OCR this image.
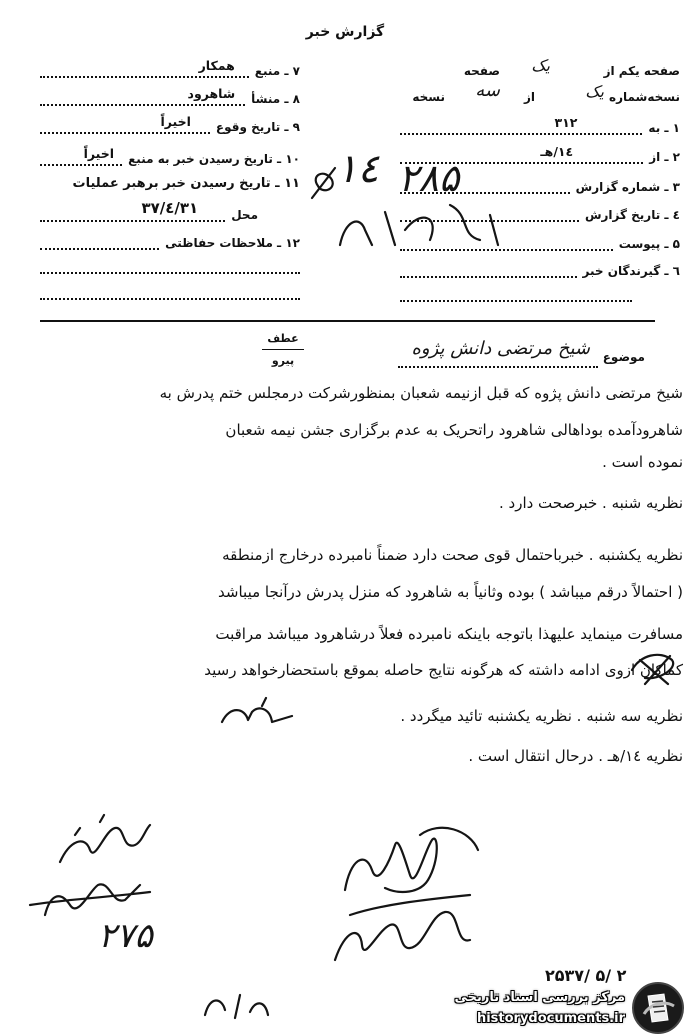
گزارش خبر
صفحه یکم از
یک
صفحه
نسخه‌شماره
یک
از
سه
نسخه
۱ ـ به
۳۱۲
۲ ـ از
۱٤/هـ
۳ ـ شماره گزارش
٤ ـ تاریخ گزارش
۵ ـ پیوست
٦ ـ گیرندگان خبر
۷ ـ منبع
همکار
۸ ـ منشأ
شاهرود
۹ ـ تاریخ وقوع
اخیراً
۱۰ ـ تاریخ رسیدن خبر به منبع
اخیراً
۱۱ ـ تاریخ رسیدن خبر برهبر عملیات
محل
۳۷/٤/۳۱
۱۲ ـ ملاحظات حفاظتی
عطف
پیرو	موضوع
شیخ مرتضی دانش پژوه
شیخ مرتضی دانش پژوه که قبل ازنیمه شعبان بمنظورشرکت درمجلس ختم پدرش به
شاهرودآمده بوداهالی شاهرود راتحریک به عدم برگزاری جشن نیمه شعبان
نموده است .
نظریه شنبه . خبرصحت دارد .
نظریه یکشنبه . خبرباحتمال قوی صحت دارد ضمناً نامبرده درخارج ازمنطقه
( احتمالاً درقم میباشد ) بوده وثانیاً به شاهرود که منزل پدرش درآنجا میباشد
مسافرت مینماید علیهذا باتوجه باینکه نامبرده فعلاً درشاهرود میباشد مراقبت
کماکان ازوی ادامه داشته که هرگونه نتایج حاصله بموقع باستحضارخواهد رسید
نظریه سه شنبه . نظریه یکشنبه تائید میگردد .
نظریه ۱٤/هـ . درحال انتقال است .
۱٤ ۲۸۵
۲۷۵
۲۵۳۷/ ۵/ ۲
مرکز بررسی اسناد تاریخی
historydocuments.ir
